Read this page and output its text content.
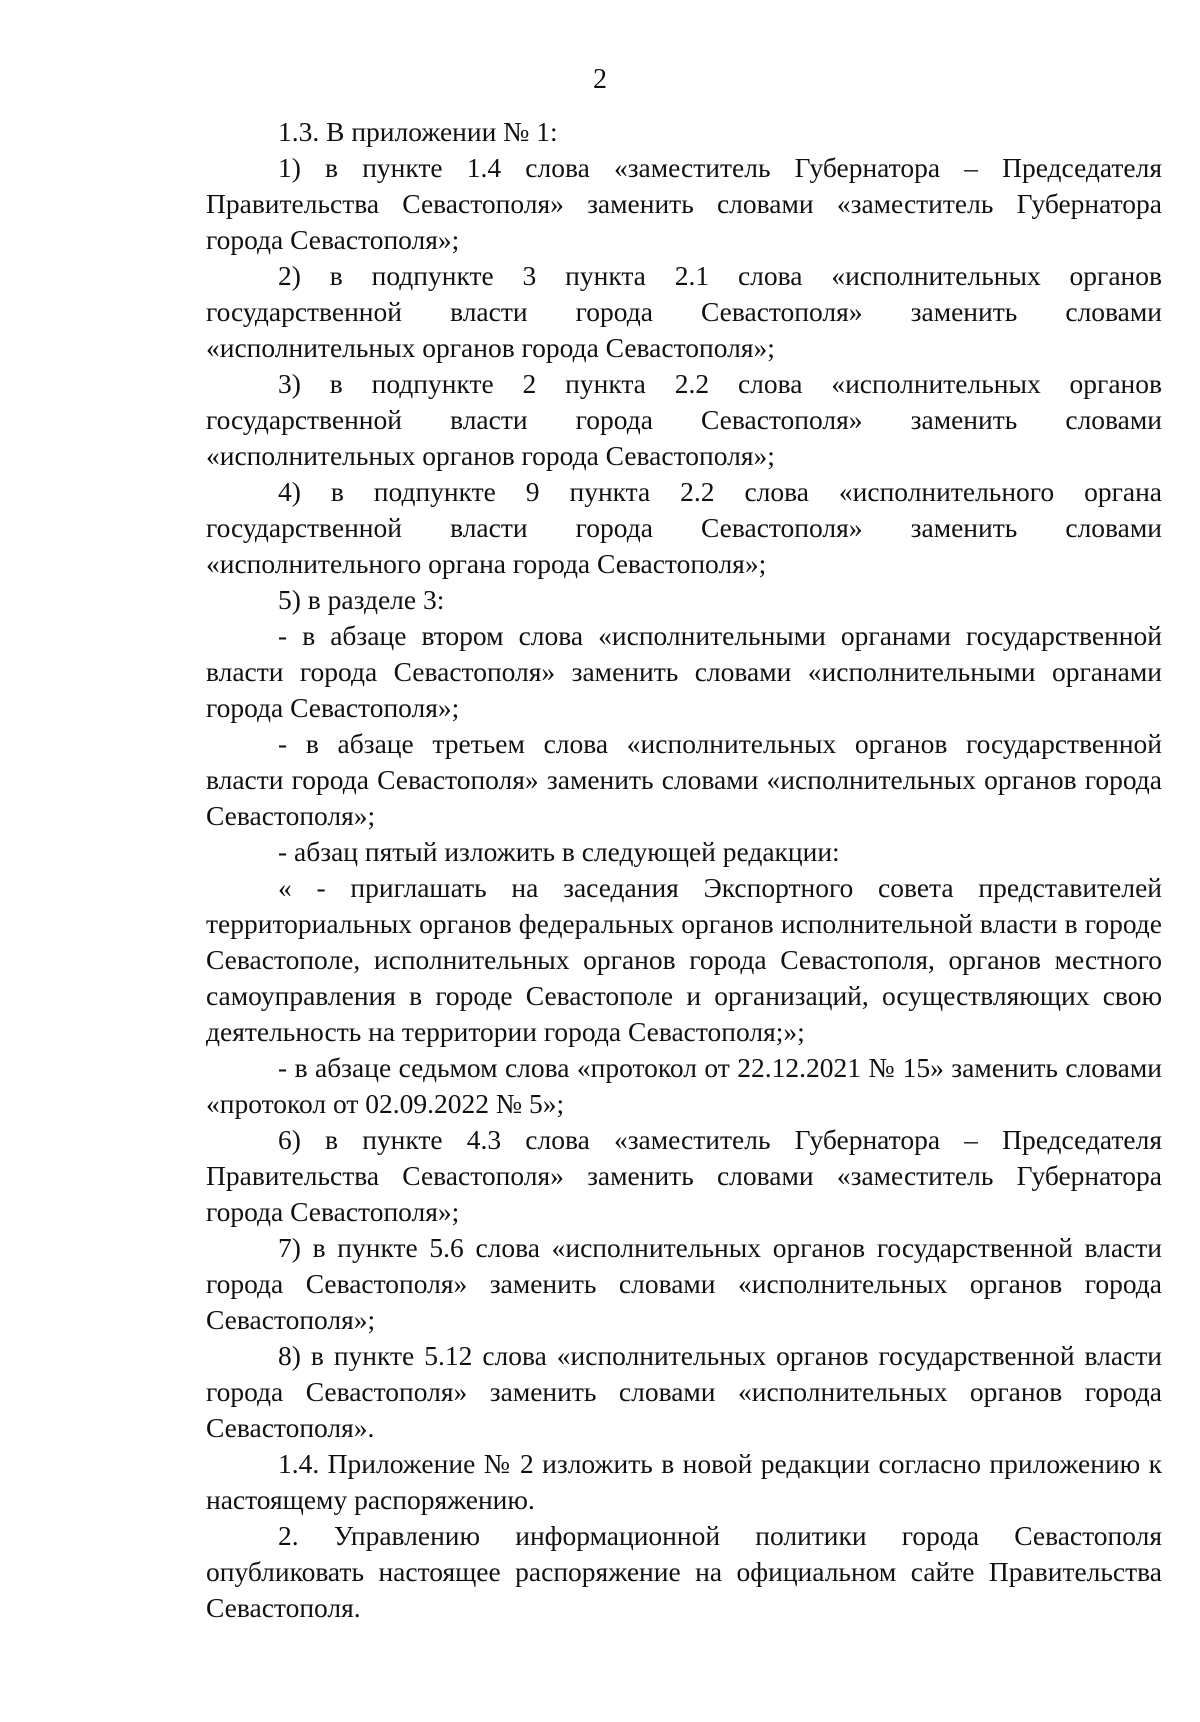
2

1.3. В приложении № 1:

1) в пункте 1.4 слова «заместитель Губернатора – Председателя Правительства Севастополя» заменить словами «заместитель Губернатора города Севастополя»;

2) в подпункте 3 пункта 2.1 слова «исполнительных органов государственной власти города Севастополя» заменить словами «исполнительных органов города Севастополя»;

3) в подпункте 2 пункта 2.2 слова «исполнительных органов государственной власти города Севастополя» заменить словами «исполнительных органов города Севастополя»;

4) в подпункте 9 пункта 2.2 слова «исполнительного органа государственной власти города Севастополя» заменить словами «исполнительного органа города Севастополя»;

5) в разделе 3:

- в абзаце втором слова «исполнительными органами государственной власти города Севастополя» заменить словами «исполнительными органами города Севастополя»;

- в абзаце третьем слова «исполнительных органов государственной власти города Севастополя» заменить словами «исполнительных органов города Севастополя»;

- абзац пятый изложить в следующей редакции:

« - приглашать на заседания Экспортного совета представителей территориальных органов федеральных органов исполнительной власти в городе Севастополе, исполнительных органов города Севастополя, органов местного самоуправления в городе Севастополе и организаций, осуществляющих свою деятельность на территории города Севастополя;»;

- в абзаце седьмом слова «протокол от 22.12.2021 № 15» заменить словами «протокол от 02.09.2022 № 5»;

6) в пункте 4.3 слова «заместитель Губернатора – Председателя Правительства Севастополя» заменить словами «заместитель Губернатора города Севастополя»;

7) в пункте 5.6 слова «исполнительных органов государственной власти города Севастополя» заменить словами «исполнительных органов города Севастополя»;

8) в пункте 5.12 слова «исполнительных органов государственной власти города Севастополя» заменить словами «исполнительных органов города Севастополя».

1.4. Приложение № 2 изложить в новой редакции согласно приложению к настоящему распоряжению.

2. Управлению информационной политики города Севастополя опубликовать настоящее распоряжение на официальном сайте Правительства Севастополя.
